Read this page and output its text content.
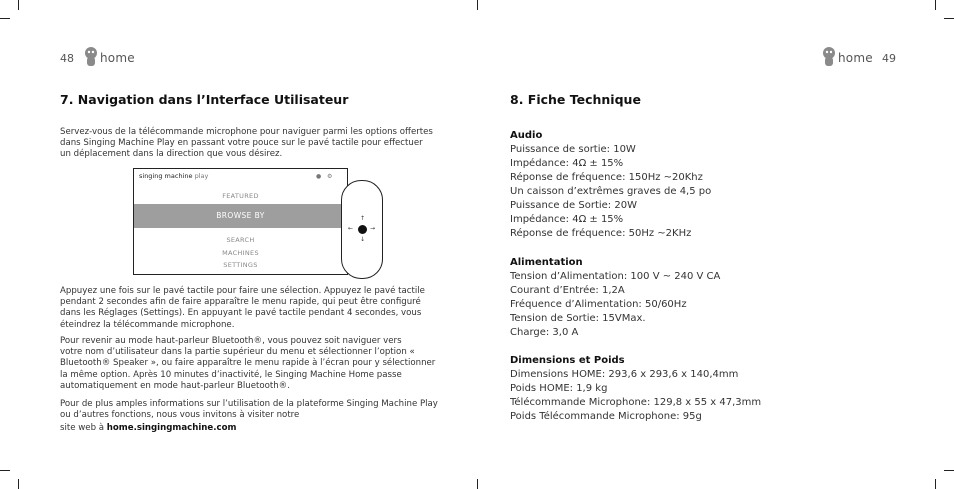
48 home
7. Navigation dans l’Interface Utilisateur
Servez-vous de la télécommande microphone pour naviguer parmi les options offertes
dans Singing Machine Play en passant votre pouce sur le pavé tactile pour effectuer
un déplacement dans la direction que vous désirez.
singing machine play	● ⚙
FEATURED
BROWSE BY
SEARCH
MACHINES
SETTINGS
↑
↓
←	→
Appuyez une fois sur le pavé tactile pour faire une sélection. Appuyez le pavé tactile
pendant 2 secondes afin de faire apparaître le menu rapide, qui peut être configuré
dans les Réglages (Settings). En appuyant le pavé tactile pendant 4 secondes, vous
éteindrez la télécommande microphone.
Pour revenir au mode haut-parleur Bluetooth®, vous pouvez soit naviguer vers
votre nom d’utilisateur dans la partie supérieur du menu et sélectionner l’option «
Bluetooth® Speaker », ou faire apparaître le menu rapide à l’écran pour y sélectionner
la même option. Après 10 minutes d’inactivité, le Singing Machine Home passe
automatiquement en mode haut-parleur Bluetooth®.
Pour de plus amples informations sur l’utilisation de la plateforme Singing Machine Play
ou d’autres fonctions, nous vous invitons à visiter notre
site web à home.singingmachine.com
home 49
8. Fiche Technique
Audio
Puissance de sortie: 10W
Impédance: 4Ω ± 15%
Réponse de fréquence: 150Hz ~20Khz
Un caisson d’extrêmes graves de 4,5 po
Puissance de Sortie: 20W
Impédance: 4Ω ± 15%
Réponse de fréquence: 50Hz ~2KHz
Alimentation
Tension d’Alimentation: 100 V ~ 240 V CA
Courant d’Entrée: 1,2A
Fréquence d’Alimentation: 50/60Hz
Tension de Sortie: 15VMax.
Charge: 3,0 A
Dimensions et Poids
Dimensions HOME: 293,6 x 293,6 x 140,4mm
Poids HOME: 1,9 kg
Télécommande Microphone: 129,8 x 55 x 47,3mm
Poids Télécommande Microphone: 95g
